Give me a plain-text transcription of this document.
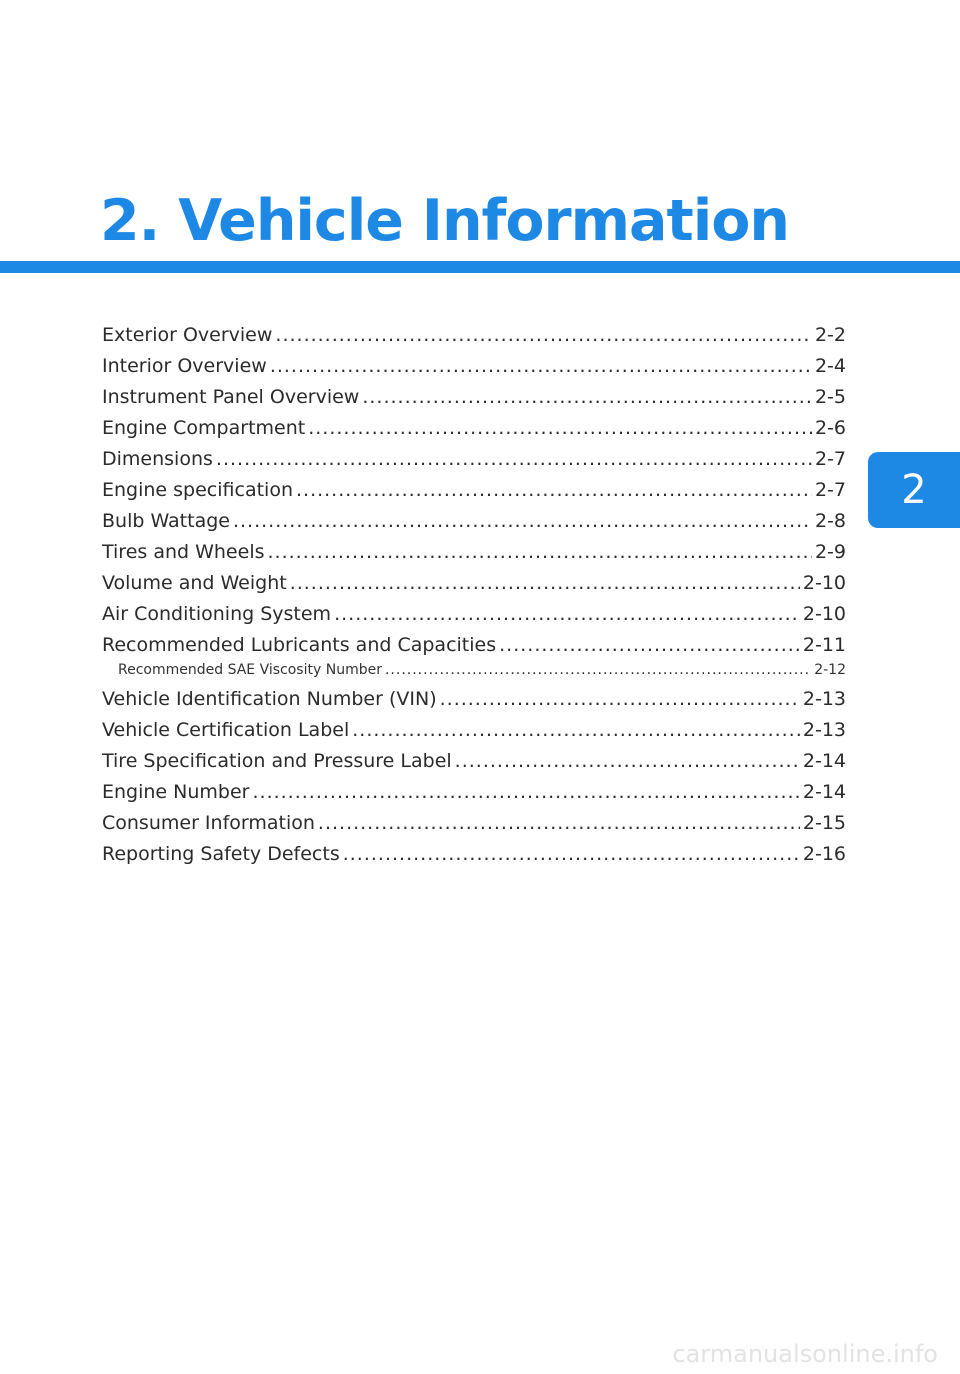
2. Vehicle Information
Exterior Overview .....	2-2
Interior Overview .....	2-4
Instrument Panel Overview .....	2-5
Engine Compartment .....	2-6
Dimensions .....	2-7
Engine specification .....	2-7
Bulb Wattage .....	2-8
Tires and Wheels .....	2-9
Volume and Weight .....	2-10
Air Conditioning System .....	2-10
Recommended Lubricants and Capacities .....	2-11
Recommended SAE Viscosity Number .....	2-12
Vehicle Identification Number (VIN) .....	2-13
Vehicle Certification Label .....	2-13
Tire Specification and Pressure Label .....	2-14
Engine Number .....	2-14
Consumer Information .....	2-15
Reporting Safety Defects .....	2-16
2
carmanualsonline.info
